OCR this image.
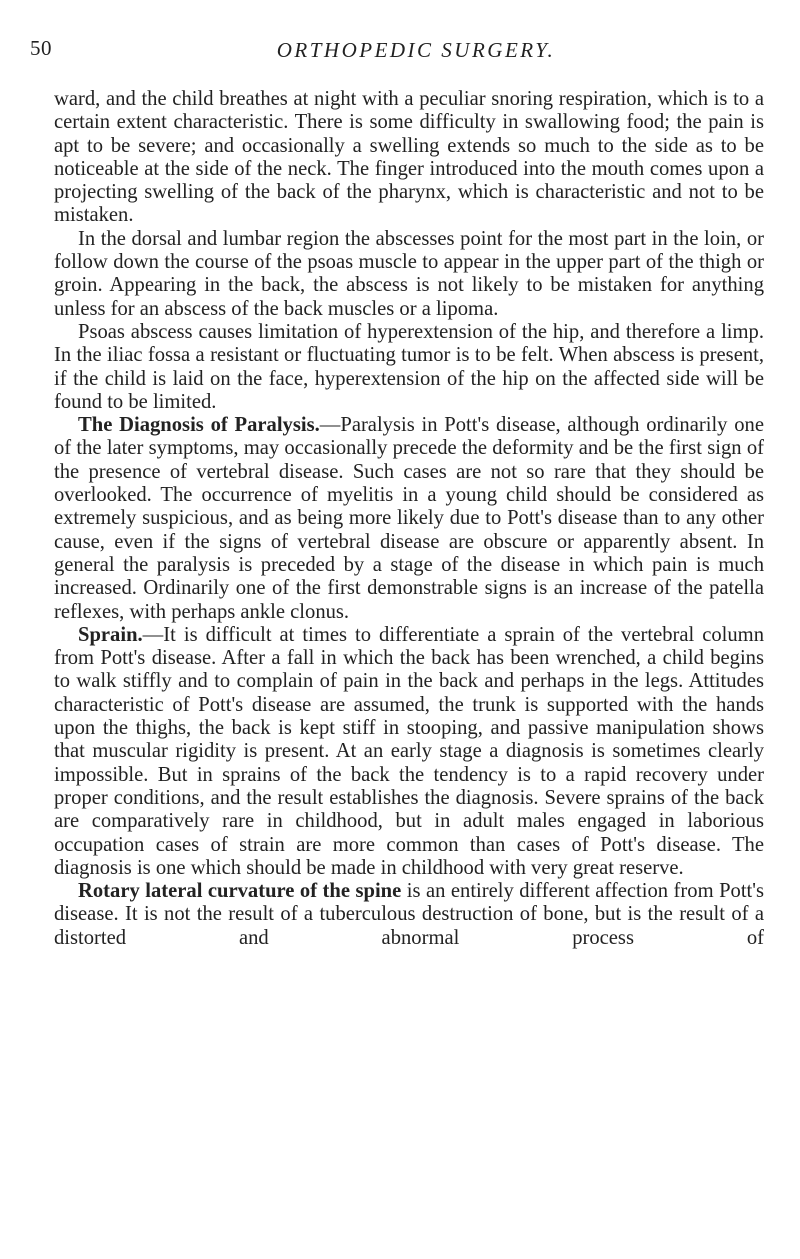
50	ORTHOPEDIC SURGERY.

ward, and the child breathes at night with a peculiar snoring respiration, which is to a certain extent characteristic. There is some difficulty in swallowing food; the pain is apt to be severe; and occasionally a swelling extends so much to the side as to be noticeable at the side of the neck. The finger introduced into the mouth comes upon a projecting swelling of the back of the pharynx, which is characteristic and not to be mistaken.

In the dorsal and lumbar region the abscesses point for the most part in the loin, or follow down the course of the psoas muscle to appear in the upper part of the thigh or groin. Appearing in the back, the abscess is not likely to be mistaken for anything unless for an abscess of the back muscles or a lipoma.

Psoas abscess causes limitation of hyperextension of the hip, and therefore a limp. In the iliac fossa a resistant or fluctuating tumor is to be felt. When abscess is present, if the child is laid on the face, hyperextension of the hip on the affected side will be found to be limited.

The Diagnosis of Paralysis.—Paralysis in Pott's disease, although ordinarily one of the later symptoms, may occasionally precede the deformity and be the first sign of the presence of vertebral disease. Such cases are not so rare that they should be overlooked. The occurrence of myelitis in a young child should be considered as extremely suspicious, and as being more likely due to Pott's disease than to any other cause, even if the signs of vertebral disease are obscure or apparently absent. In general the paralysis is preceded by a stage of the disease in which pain is much increased. Ordinarily one of the first demonstrable signs is an increase of the patella reflexes, with perhaps ankle clonus.

Sprain.—It is difficult at times to differentiate a sprain of the vertebral column from Pott's disease. After a fall in which the back has been wrenched, a child begins to walk stiffly and to complain of pain in the back and perhaps in the legs. Attitudes characteristic of Pott's disease are assumed, the trunk is supported with the hands upon the thighs, the back is kept stiff in stooping, and passive manipulation shows that muscular rigidity is present. At an early stage a diagnosis is sometimes clearly impossible. But in sprains of the back the tendency is to a rapid recovery under proper conditions, and the result establishes the diagnosis. Severe sprains of the back are comparatively rare in childhood, but in adult males engaged in laborious occupation cases of strain are more common than cases of Pott's disease. The diagnosis is one which should be made in childhood with very great reserve.

Rotary lateral curvature of the spine is an entirely different affection from Pott's disease. It is not the result of a tuberculous destruction of bone, but is the result of a distorted and abnormal process of
